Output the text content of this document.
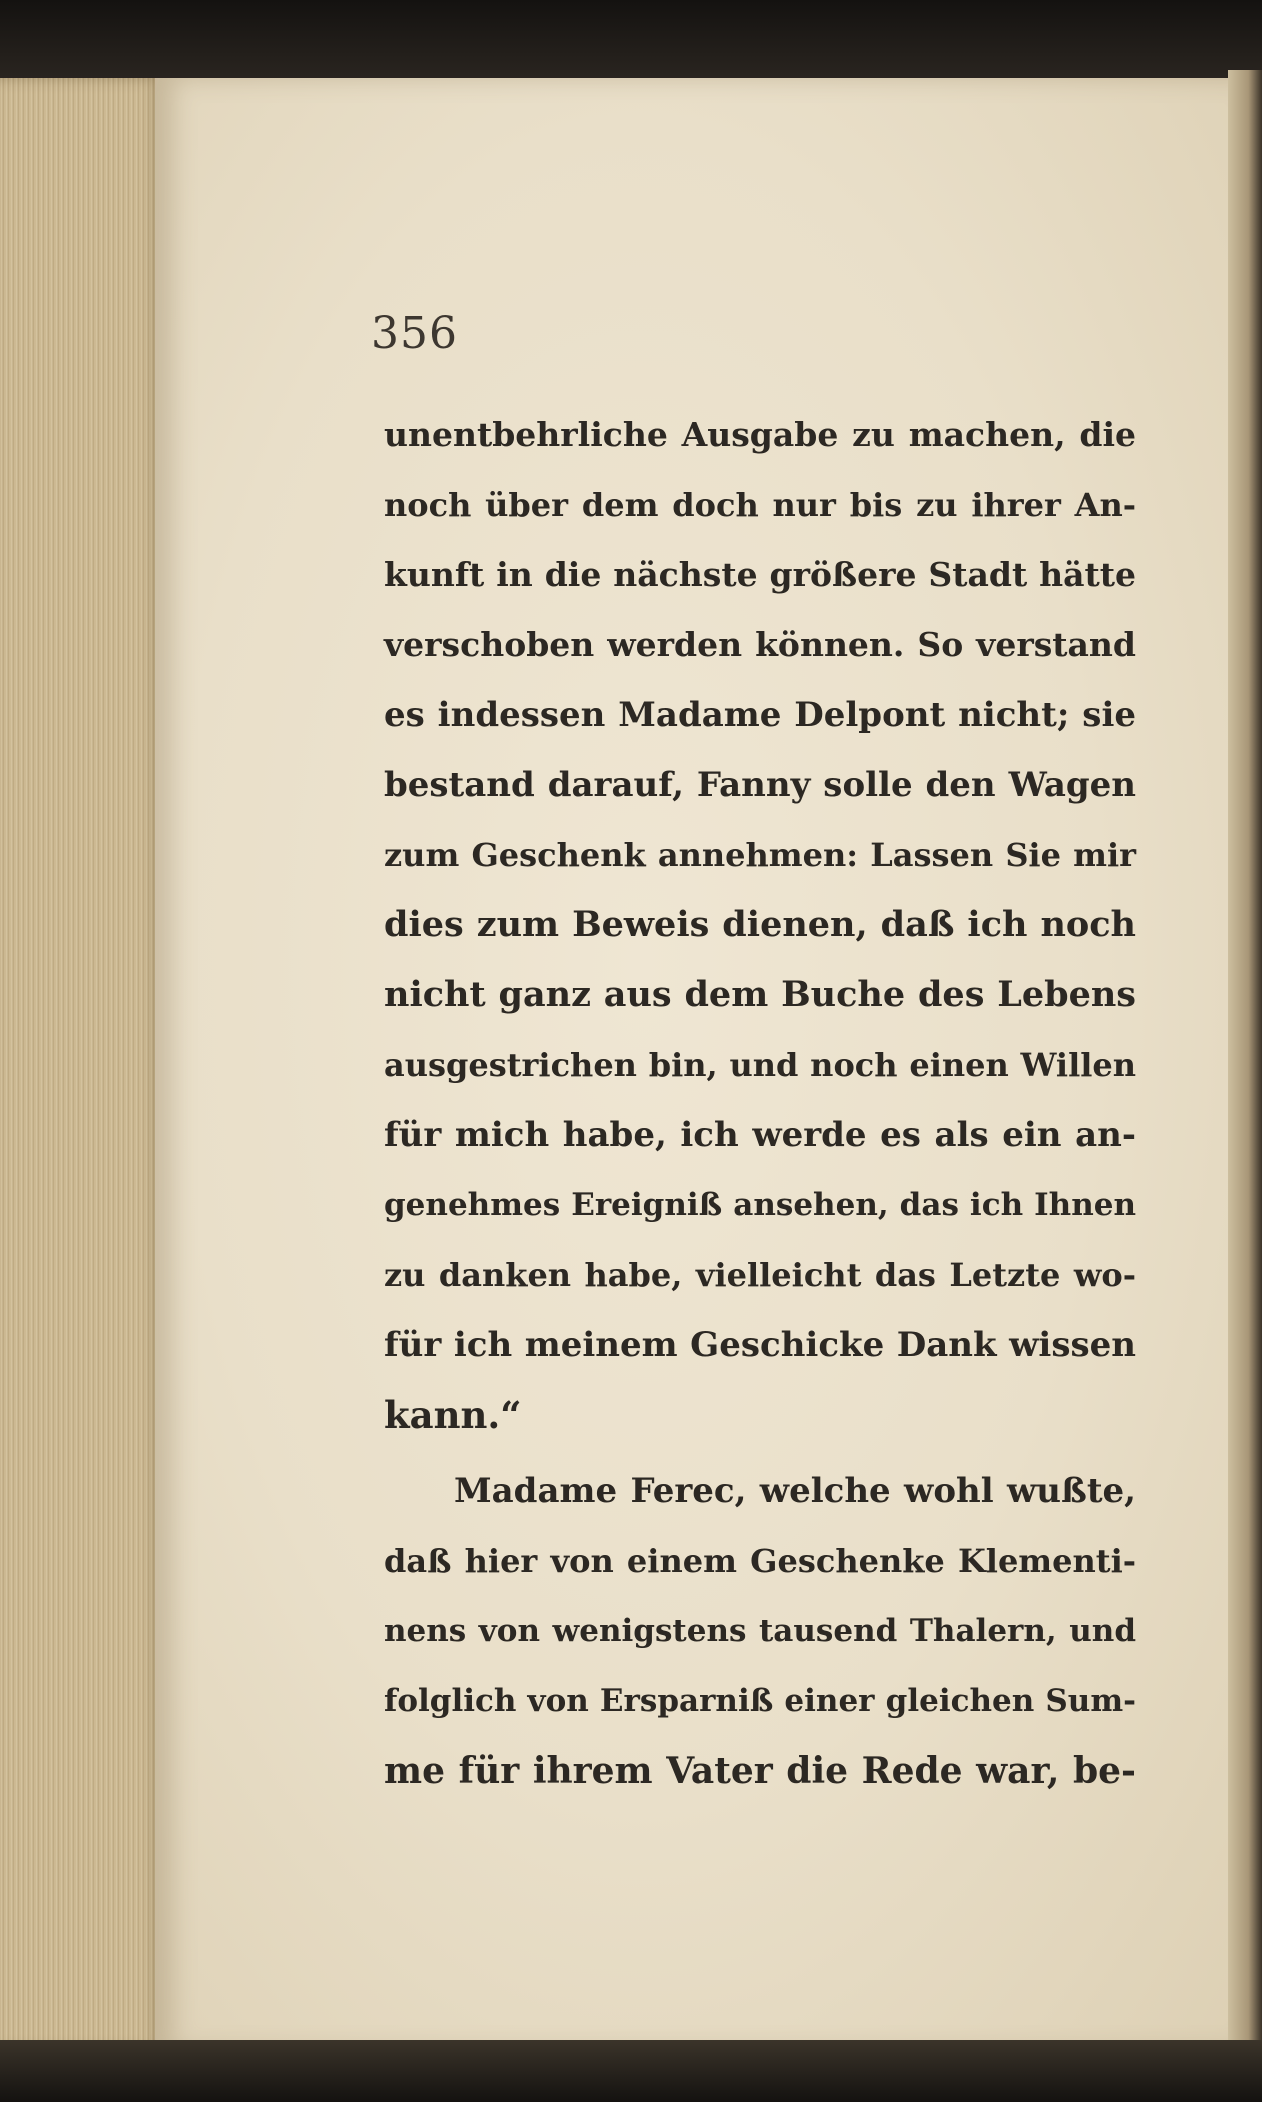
356

unentbehrliche Ausgabe zu machen, die
noch über dem doch nur bis zu ihrer An-
kunft in die nächste größere Stadt hätte
verschoben werden können. So verstand
es indessen Madame Delpont nicht; sie
bestand darauf, Fanny solle den Wagen
zum Geschenk annehmen: Lassen Sie mir
dies zum Beweis dienen, daß ich noch
nicht ganz aus dem Buche des Lebens
ausgestrichen bin, und noch einen Willen
für mich habe, ich werde es als ein an-
genehmes Ereigniß ansehen, das ich Ihnen
zu danken habe, vielleicht das Letzte wo-
für ich meinem Geschicke Dank wissen
kann.“
Madame Ferec, welche wohl wußte,
daß hier von einem Geschenke Klementi-
nens von wenigstens tausend Thalern, und
folglich von Ersparniß einer gleichen Sum-
me für ihrem Vater die Rede war, be-
